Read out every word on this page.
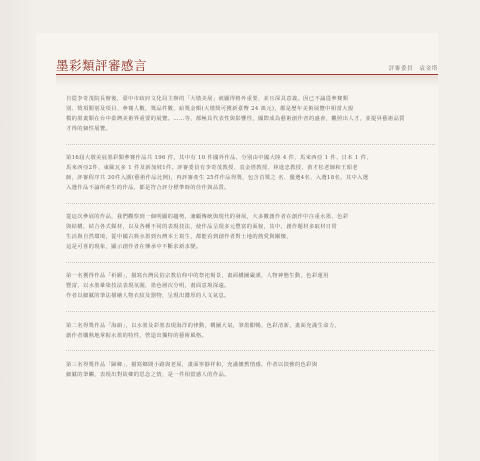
墨彩類評審感言	評審委員　袁金塔
自從李奇茂院長辦後，臺中市政府文化局主辦的「大墩美展」就顯得格外重要，並且深具意義。因已不論從參賽類
別、獎項類別及項目、參賽人數，獎品件數，給獎金額(大墩獎可獲新臺幣 24 萬元)，都是歷年美術展覽中相當大規
模的墨畫類在台中臺灣美術界重要的展覽。……等，都極具代表性與影響性，國際成為藝術創作者的盛會，觀照出人才，並提昇藝術品質
才得的個性展覽。
第16屆大墩美展墨彩類參賽作品共 196 件，其中有 10 件國外作品，分別由中國大陸 4 件、馬來西亞 1 件、日本 1 件、
馬來西亞2件、東歐瓦多 1 件及新加坡1件。評審委員有李奇茂教授、袁金塔教授、林進忠教授、黃才松老師和王昭老
師，評審程序共 30件入圍(藝術作品比例)，再評審產生 25件作品得獎，包含首獎之 名、優選4名、入選18名，其中入選
入選作品不論所產生的作品，都是符合評分標準時的佳作與品質。
從這次參展的作品，我們觀察到一個明顯的趨勢，兼顧傳統與現代的發展，大多數創作者在創作中注重水墨、色彩
與結構，結合各式媒材，以及各種不同的表現技法，使作品呈現多元豐富的面貌，其中，創作題材多取材日常
生活與自然環境，從中國古典水墨到台灣本土寫生，都能看到創作者對土地的熱愛與關懷，
這是可喜的現象，顯示創作者在傳承中不斷求新求變。
第一名獲得作品「祈願」，描寫台灣民俗宗教信仰中的祭祀場景，畫面構圖嚴謹，人物神態生動，色彩運用
豐富，以水墨暈染技法表現氛圍，墨色層次分明，畫面意境深遠。
作者以細膩的筆法描繪人物衣紋及器物，呈現出濃厚的人文氣息。
第二名得獎作品「海韻」，以水墨及彩墨表現海洋的律動，構圖大氣，筆墨酣暢，色彩清新，畫面充滿生命力，
創作者嫻熟地掌握水墨的特性，營造出獨特的藝術風格。
第三名得獎作品「歸鄉」，描寫鄉間小路與老屋，畫面寧靜祥和，充滿懷舊情感，作者以淡雅的色彩與
細膩的筆觸，表現出對故鄉的思念之情，是一件相當感人的作品。
